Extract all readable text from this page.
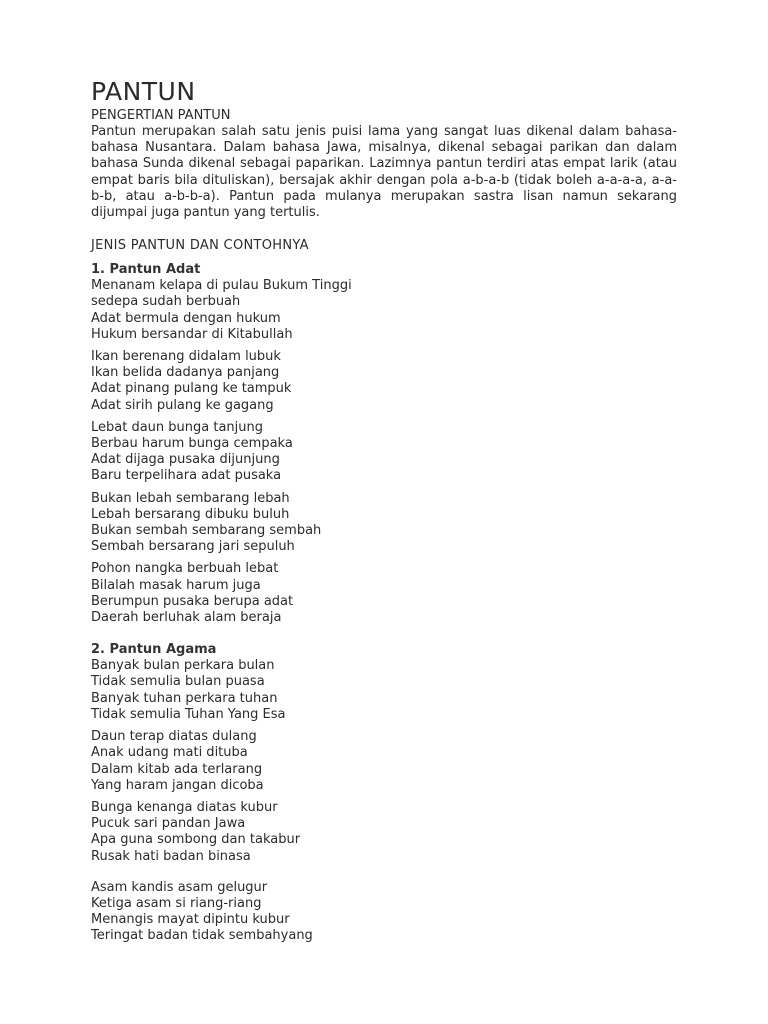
PANTUN

PENGERTIAN PANTUN

Pantun merupakan salah satu jenis puisi lama yang sangat luas dikenal dalam bahasa-bahasa Nusantara. Dalam bahasa Jawa, misalnya, dikenal sebagai parikan dan dalam bahasa Sunda dikenal sebagai paparikan. Lazimnya pantun terdiri atas empat larik (atau empat baris bila dituliskan), bersajak akhir dengan pola a-b-a-b (tidak boleh a-a-a-a, a-a-b-b, atau a-b-b-a). Pantun pada mulanya merupakan sastra lisan namun sekarang dijumpai juga pantun yang tertulis.

JENIS PANTUN DAN CONTOHNYA

1. Pantun Adat

Menanam kelapa di pulau Bukum Tinggi
sedepa sudah berbuah
Adat bermula dengan hukum
Hukum bersandar di Kitabullah
Ikan berenang didalam lubuk
Ikan belida dadanya panjang
Adat pinang pulang ke tampuk
Adat sirih pulang ke gagang
Lebat daun bunga tanjung
Berbau harum bunga cempaka
Adat dijaga pusaka dijunjung
Baru terpelihara adat pusaka
Bukan lebah sembarang lebah
Lebah bersarang dibuku buluh
Bukan sembah sembarang sembah
Sembah bersarang jari sepuluh
Pohon nangka berbuah lebat
Bilalah masak harum juga
Berumpun pusaka berupa adat
Daerah berluhak alam beraja

2. Pantun Agama

Banyak bulan perkara bulan
Tidak semulia bulan puasa
Banyak tuhan perkara tuhan
Tidak semulia Tuhan Yang Esa
Daun terap diatas dulang
Anak udang mati dituba
Dalam kitab ada terlarang
Yang haram jangan dicoba
Bunga kenanga diatas kubur
Pucuk sari pandan Jawa
Apa guna sombong dan takabur
Rusak hati badan binasa
Asam kandis asam gelugur
Ketiga asam si riang-riang
Menangis mayat dipintu kubur
Teringat badan tidak sembahyang
